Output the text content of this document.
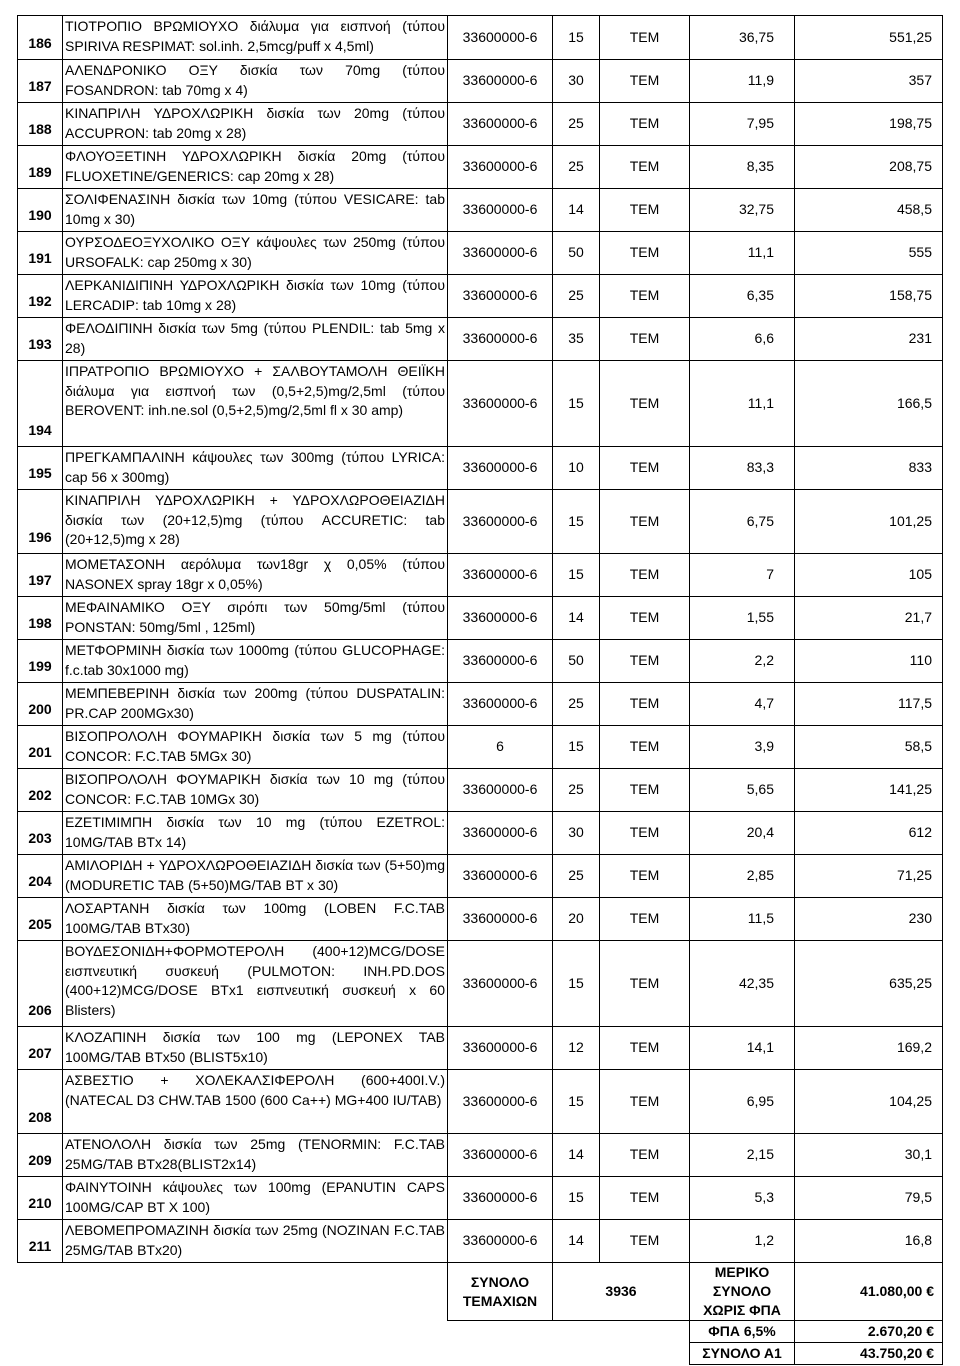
186	ΤΙΟΤΡΟΠΙΟ ΒΡΩΜΙΟΥΧΟ διάλυμα για εισπνοή (τύπου SPIRIVA RESPIMAT: sol.inh. 2,5mcg/puff x 4,5ml)	33600000-6	15	ΤΕΜ	36,75	551,25
187	ΑΛΕΝΔΡΟΝΙΚΟ ΟΞΥ δισκία των 70mg (τύπου FOSANDRON: tab 70mg x 4)	33600000-6	30	ΤΕΜ	11,9	357
188	ΚΙΝΑΠΡΙΛΗ ΥΔΡΟΧΛΩΡΙΚΗ δισκία των 20mg (τύπου ACCUPRON: tab 20mg x 28)	33600000-6	25	ΤΕΜ	7,95	198,75
189	ΦΛΟΥΟΞΕΤΙΝΗ ΥΔΡΟΧΛΩΡΙΚΗ δισκία 20mg (τύπου FLUOXETINE/GENERICS: cap 20mg x 28)	33600000-6	25	ΤΕΜ	8,35	208,75
190	ΣΟΛΙΦΕΝΑΣΙΝΗ δισκία των 10mg (τύπου VESICARE: tab 10mg x 30)	33600000-6	14	ΤΕΜ	32,75	458,5
191	ΟΥΡΣΟΔΕΟΞΥΧΟΛΙΚΟ ΟΞΥ κάψουλες των 250mg (τύπου URSOFALK: cap 250mg x 30)	33600000-6	50	ΤΕΜ	11,1	555
192	ΛΕΡΚΑΝΙΔΙΠΙΝΗ ΥΔΡΟΧΛΩΡΙΚΗ δισκία των 10mg (τύπου LERCADIP: tab 10mg x 28)	33600000-6	25	ΤΕΜ	6,35	158,75
193	ΦΕΛΟΔΙΠΙΝΗ δισκία των 5mg (τύπου PLENDIL: tab 5mg x 28)	33600000-6	35	ΤΕΜ	6,6	231
194	ΙΠΡΑΤΡΟΠΙΟ ΒΡΩΜΙΟΥΧΟ + ΣΑΛΒΟΥΤΑΜΟΛΗ ΘΕΙΪΚΗ διάλυμα για εισπνοή των (0,5+2,5)mg/2,5ml (τύπου BEROVENT: inh.ne.sol (0,5+2,5)mg/2,5ml fl x 30 amp)	33600000-6	15	ΤΕΜ	11,1	166,5
195	ΠΡΕΓΚΑΜΠΑΛΙΝΗ κάψουλες των 300mg (τύπου LYRICA: cap 56 x 300mg)	33600000-6	10	ΤΕΜ	83,3	833
196	ΚΙΝΑΠΡΙΛΗ ΥΔΡΟΧΛΩΡΙΚΗ + ΥΔΡΟΧΛΩΡΟΘΕΙΑΖΙΔΗ δισκία των (20+12,5)mg (τύπου ACCURETIC: tab (20+12,5)mg x 28)	33600000-6	15	ΤΕΜ	6,75	101,25
197	ΜΟΜΕΤΑΣΟΝΗ αερόλυμα των18gr χ 0,05% (τύπου NASONEX spray 18gr x 0,05%)	33600000-6	15	ΤΕΜ	7	105
198	ΜΕΦΑΙΝΑΜΙΚΟ ΟΞΥ σιρόπι των 50mg/5ml (τύπου PONSTAN: 50mg/5ml , 125ml)	33600000-6	14	ΤΕΜ	1,55	21,7
199	ΜΕΤΦΟΡΜΙΝΗ δισκία των 1000mg (τύπου GLUCOPHAGE: f.c.tab 30x1000 mg)	33600000-6	50	ΤΕΜ	2,2	110
200	ΜΕΜΠΕΒΕΡΙΝΗ δισκία των 200mg (τύπου DUSPATALIN: PR.CAP 200MGx30)	33600000-6	25	ΤΕΜ	4,7	117,5
201	ΒΙΣΟΠΡΟΛΟΛΗ ΦΟΥΜΑΡΙΚΗ δισκία των 5 mg (τύπου CONCOR: F.C.TAB 5MGx 30)	6	15	ΤΕΜ	3,9	58,5
202	ΒΙΣΟΠΡΟΛΟΛΗ ΦΟΥΜΑΡΙΚΗ δισκία των 10 mg (τύπου CONCOR: F.C.TAB 10MGx 30)	33600000-6	25	ΤΕΜ	5,65	141,25
203	ΕΖΕΤΙΜΙΜΠΗ δισκία των 10 mg (τύπου EZETROL: 10MG/TAB BTx 14)	33600000-6	30	ΤΕΜ	20,4	612
204	ΑΜΙΛΟΡΙΔΗ + ΥΔΡΟΧΛΩΡΟΘΕΙΑΖΙΔΗ δισκία των (5+50)mg (MODURETIC TAB (5+50)MG/TAB BT x 30)	33600000-6	25	ΤΕΜ	2,85	71,25
205	ΛΟΣΑΡΤΑΝΗ δισκία των 100mg (LOBEN F.C.TAB 100MG/TAB BTx30)	33600000-6	20	ΤΕΜ	11,5	230
206	ΒΟΥΔΕΣΟΝΙΔΗ+ΦΟΡΜΟΤΕΡΟΛΗ (400+12)MCG/DOSE εισπνευτική συσκευή (PULMOTON: INH.PD.DOS (400+12)MCG/DOSE BTx1 εισπνευτική συσκευή x 60 Blisters)	33600000-6	15	ΤΕΜ	42,35	635,25
207	ΚΛΟΖΑΠΙΝΗ δισκία των 100 mg (LEPONEX TAB 100MG/TAB BTx50 (BLIST5x10)	33600000-6	12	ΤΕΜ	14,1	169,2
208	ΑΣΒΕΣΤΙΟ + ΧΟΛΕΚΑΛΣΙΦΕΡΟΛΗ (600+400I.V.) (NATECAL D3 CHW.TAB 1500 (600 Ca++) MG+400 IU/TAB)	33600000-6	15	ΤΕΜ	6,95	104,25
209	ΑΤΕΝΟΛΟΛΗ δισκία των 25mg (TENORMIN: F.C.TAB 25MG/TAB BTx28(BLIST2x14)	33600000-6	14	ΤΕΜ	2,15	30,1
210	ΦΑΙΝΥΤΟΙΝΗ κάψουλες των 100mg (EPANUTIN CAPS 100MG/CAP BT X 100)	33600000-6	15	ΤΕΜ	5,3	79,5
211	ΛΕΒΟΜΕΠΡΟΜΑΖΙΝΗ δισκία των 25mg (NOZINAN F.C.TAB 25MG/TAB BTx20)	33600000-6	14	ΤΕΜ	1,2	16,8
		ΣΥΝΟΛΟ ΤΕΜΑΧΙΩΝ	3936		ΜΕΡΙΚΟ ΣΥΝΟΛΟ ΧΩΡΙΣ ΦΠΑ	41.080,00 €
					ΦΠΑ 6,5%	2.670,20 €
					ΣΥΝΟΛΟ Α1	43.750,20 €
